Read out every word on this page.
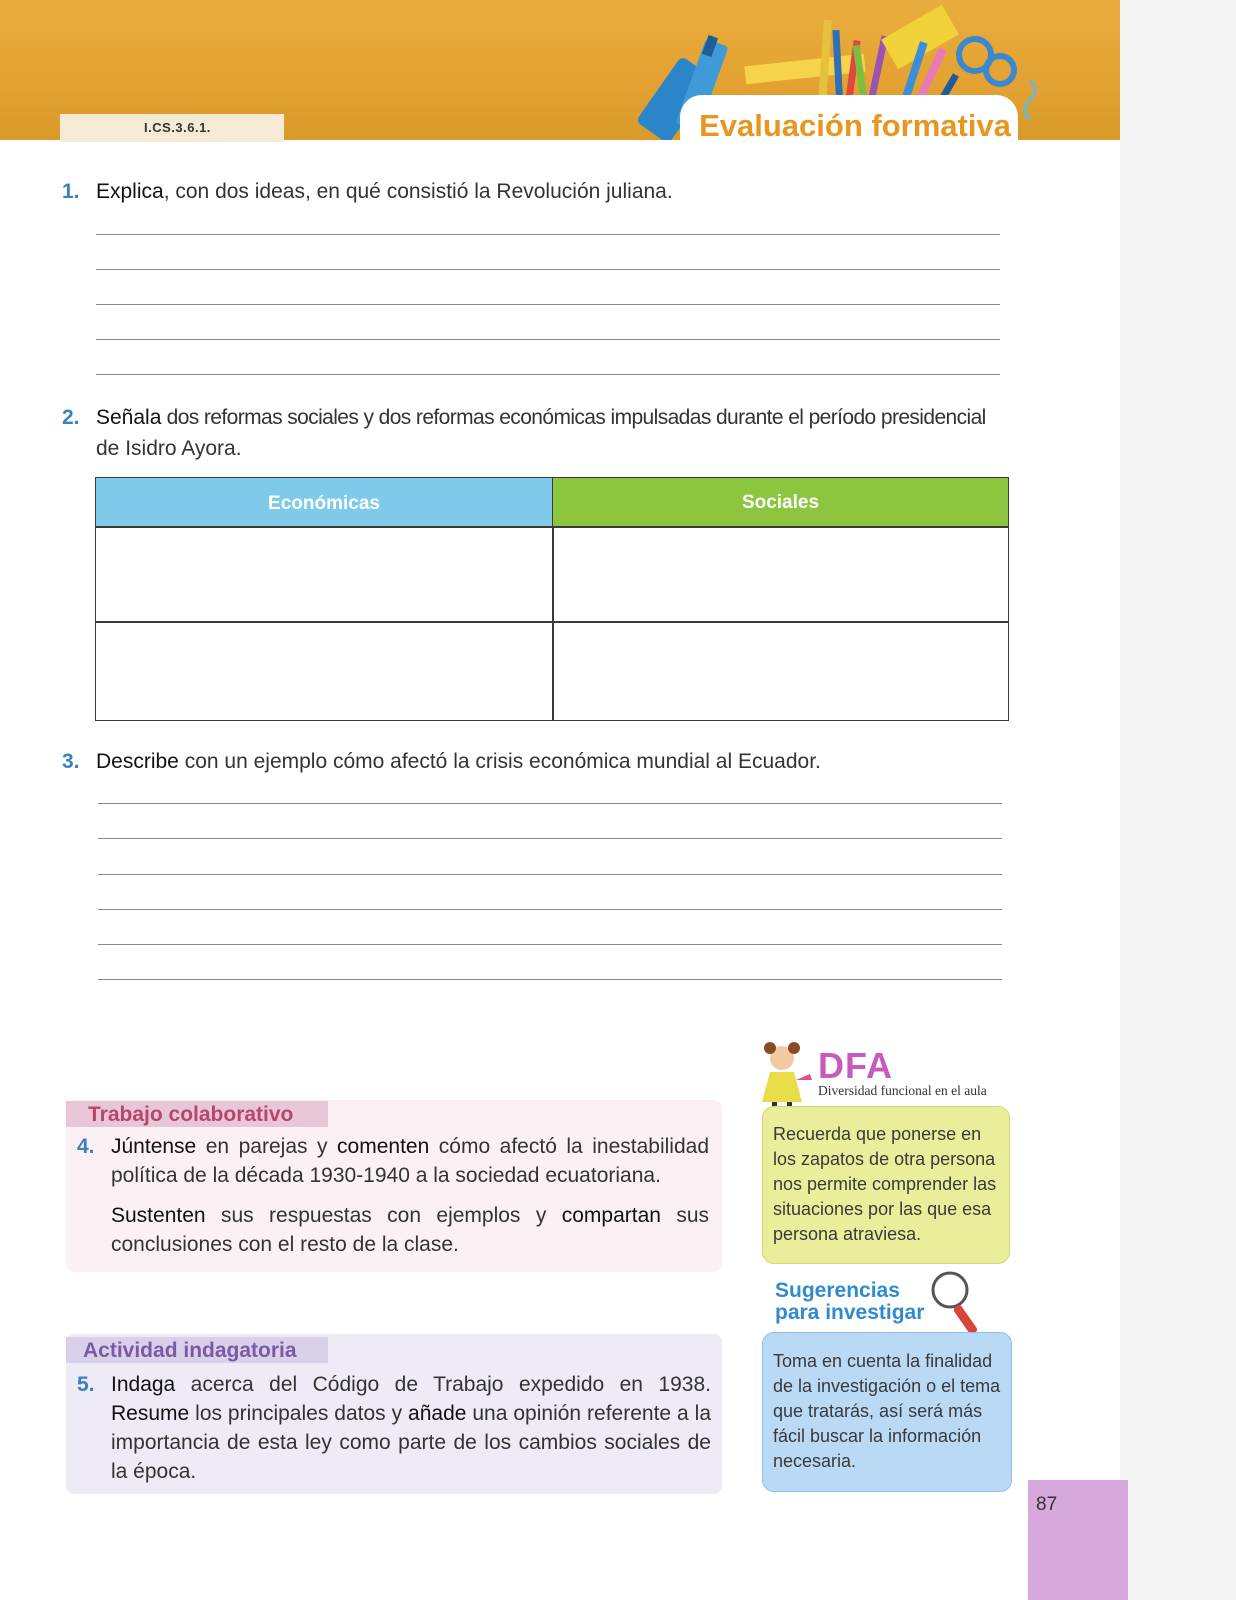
I.CS.3.6.1.	Evaluación formativa
1. Explica, con dos ideas, en qué consistió la Revolución juliana.
2. Señala dos reformas sociales y dos reformas económicas impulsadas durante el período presidencial
de Isidro Ayora.
Económicas	Sociales
3. Describe con un ejemplo cómo afectó la crisis económica mundial al Ecuador.
Trabajo colaborativo
4. Júntense en parejas y comenten cómo afectó la inestabilidad política de la década 1930-1940 a la sociedad ecuatoriana.
Sustenten sus respuestas con ejemplos y compartan sus conclusiones con el resto de la clase.
Actividad indagatoria
5. Indaga acerca del Código de Trabajo expedido en 1938. Resume los principales datos y añade una opinión referente a la importancia de esta ley como parte de los cambios sociales de la época.
DFA
Diversidad funcional en el aula
Recuerda que ponerse en los zapatos de otra persona nos permite comprender las situaciones por las que esa persona atraviesa.
Sugerencias
para investigar
Toma en cuenta la finalidad de la investigación o el tema que tratarás, así será más fácil buscar la información necesaria.
87
